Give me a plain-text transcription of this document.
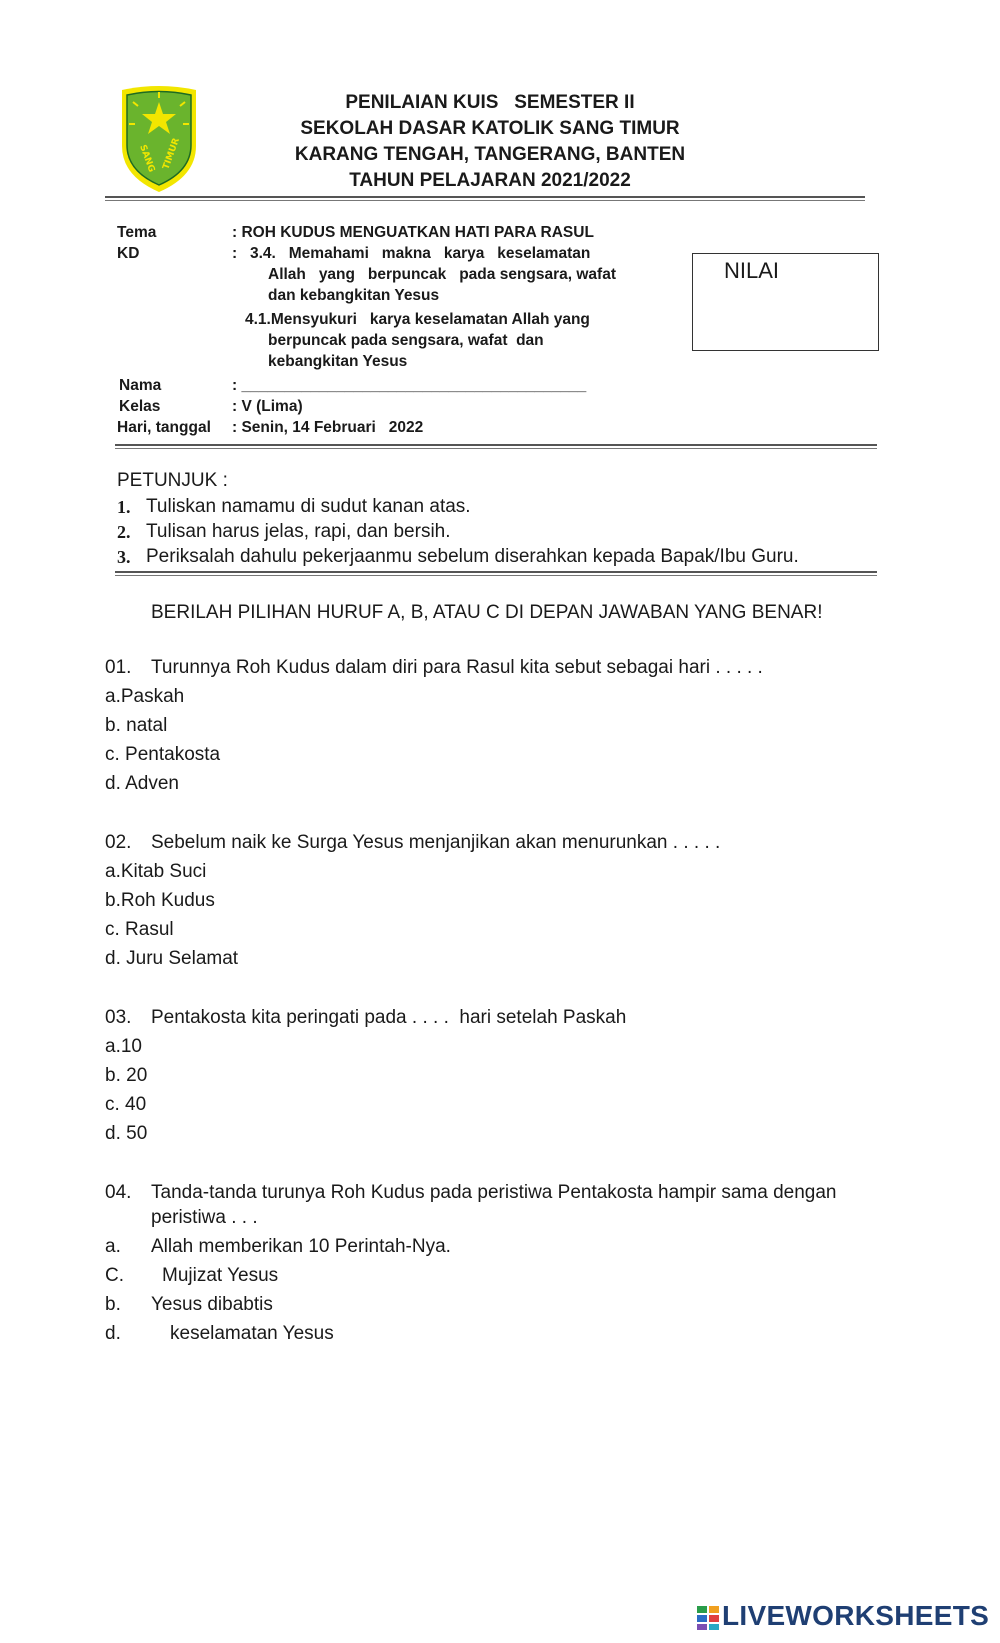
SANG TIMUR
PENILAIAN KUIS   SEMESTER II
SEKOLAH DASAR KATOLIK SANG TIMUR
KARANG TENGAH, TANGERANG, BANTEN
TAHUN PELAJARAN 2021/2022
Tema	: ROH KUDUS MENGUATKAN HATI PARA RASUL
KD	: 3.4.   Memahami   makna   karya   keselamatan
Allah   yang   berpuncak   pada sengsara, wafat
dan kebangkitan Yesus
4.1.Mensyukuri   karya keselamatan Allah yang
berpuncak pada sengsara, wafat  dan
kebangkitan Yesus
NILAI
Nama	: ________________________________________
Kelas	: V (Lima)
Hari, tanggal : Senin, 14 Februari   2022
PETUNJUK :
1. Tuliskan namamu di sudut kanan atas.
2. Tulisan harus jelas, rapi, dan bersih.
3. Periksalah dahulu pekerjaanmu sebelum diserahkan kepada Bapak/Ibu Guru.
BERILAH PILIHAN HURUF A, B, ATAU C DI DEPAN JAWABAN YANG BENAR!
01. Turunnya Roh Kudus dalam diri para Rasul kita sebut sebagai hari . . . . .
a.Paskah
b. natal
c. Pentakosta
d. Adven
02. Sebelum naik ke Surga Yesus menjanjikan akan menurunkan . . . . .
a.Kitab Suci
b.Roh Kudus
c. Rasul
d. Juru Selamat
03. Pentakosta kita peringati pada . . . .  hari setelah Paskah
a.10
b. 20
c. 40
d. 50
04. Tanda-tanda turunya Roh Kudus pada peristiwa Pentakosta hampir sama dengan
peristiwa . . .
a. Allah memberikan 10 Perintah-Nya.
C. Mujizat Yesus
b. Yesus dibabtis
d.	keselamatan Yesus
LIVEWORKSHEETS
